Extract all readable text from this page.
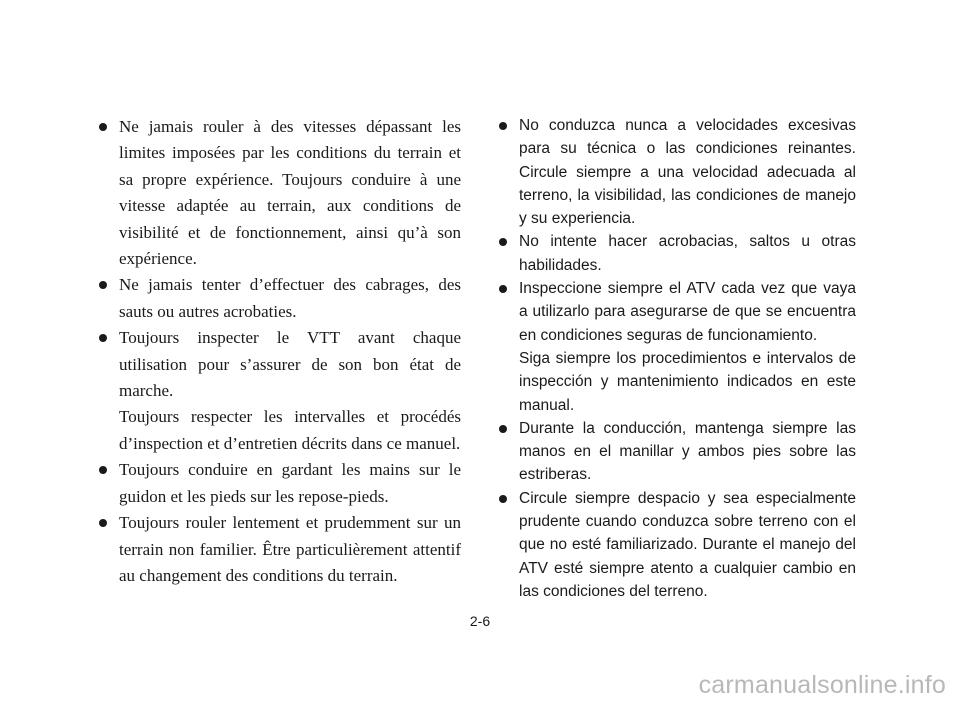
Ne jamais rouler à des vitesses dépassant les limites imposées par les conditions du terrain et sa propre expérience. Toujours conduire à une vitesse adaptée au terrain, aux conditions de visibilité et de fonctionnement, ainsi qu’à son expérience.

Ne jamais tenter d’effectuer des cabrages, des sauts ou autres acrobaties.

Toujours inspecter le VTT avant chaque utilisation pour s’assurer de son bon état de marche.

Toujours respecter les intervalles et procédés d’inspection et d’entretien décrits dans ce manuel.

Toujours conduire en gardant les mains sur le guidon et les pieds sur les repose-pieds.

Toujours rouler lentement et prudemment sur un terrain non familier. Être particulièrement attentif au changement des conditions du terrain.

No conduzca nunca a velocidades excesivas para su técnica o las condiciones reinantes. Circule siempre a una velocidad adecuada al terreno, la visibilidad, las condiciones de manejo y su experiencia.

No intente hacer acrobacias, saltos u otras habilidades.

Inspeccione siempre el ATV cada vez que vaya a utilizarlo para asegurarse de que se encuentra en condiciones seguras de funcionamiento.

Siga siempre los procedimientos e intervalos de inspección y mantenimiento indicados en este manual.

Durante la conducción, mantenga siempre las manos en el manillar y ambos pies sobre las estriberas.

Circule siempre despacio y sea especialmente prudente cuando conduzca sobre terreno con el que no esté familiarizado. Durante el manejo del ATV esté siempre atento a cualquier cambio en las condiciones del terreno.

2-6
carmanualsonline.info
